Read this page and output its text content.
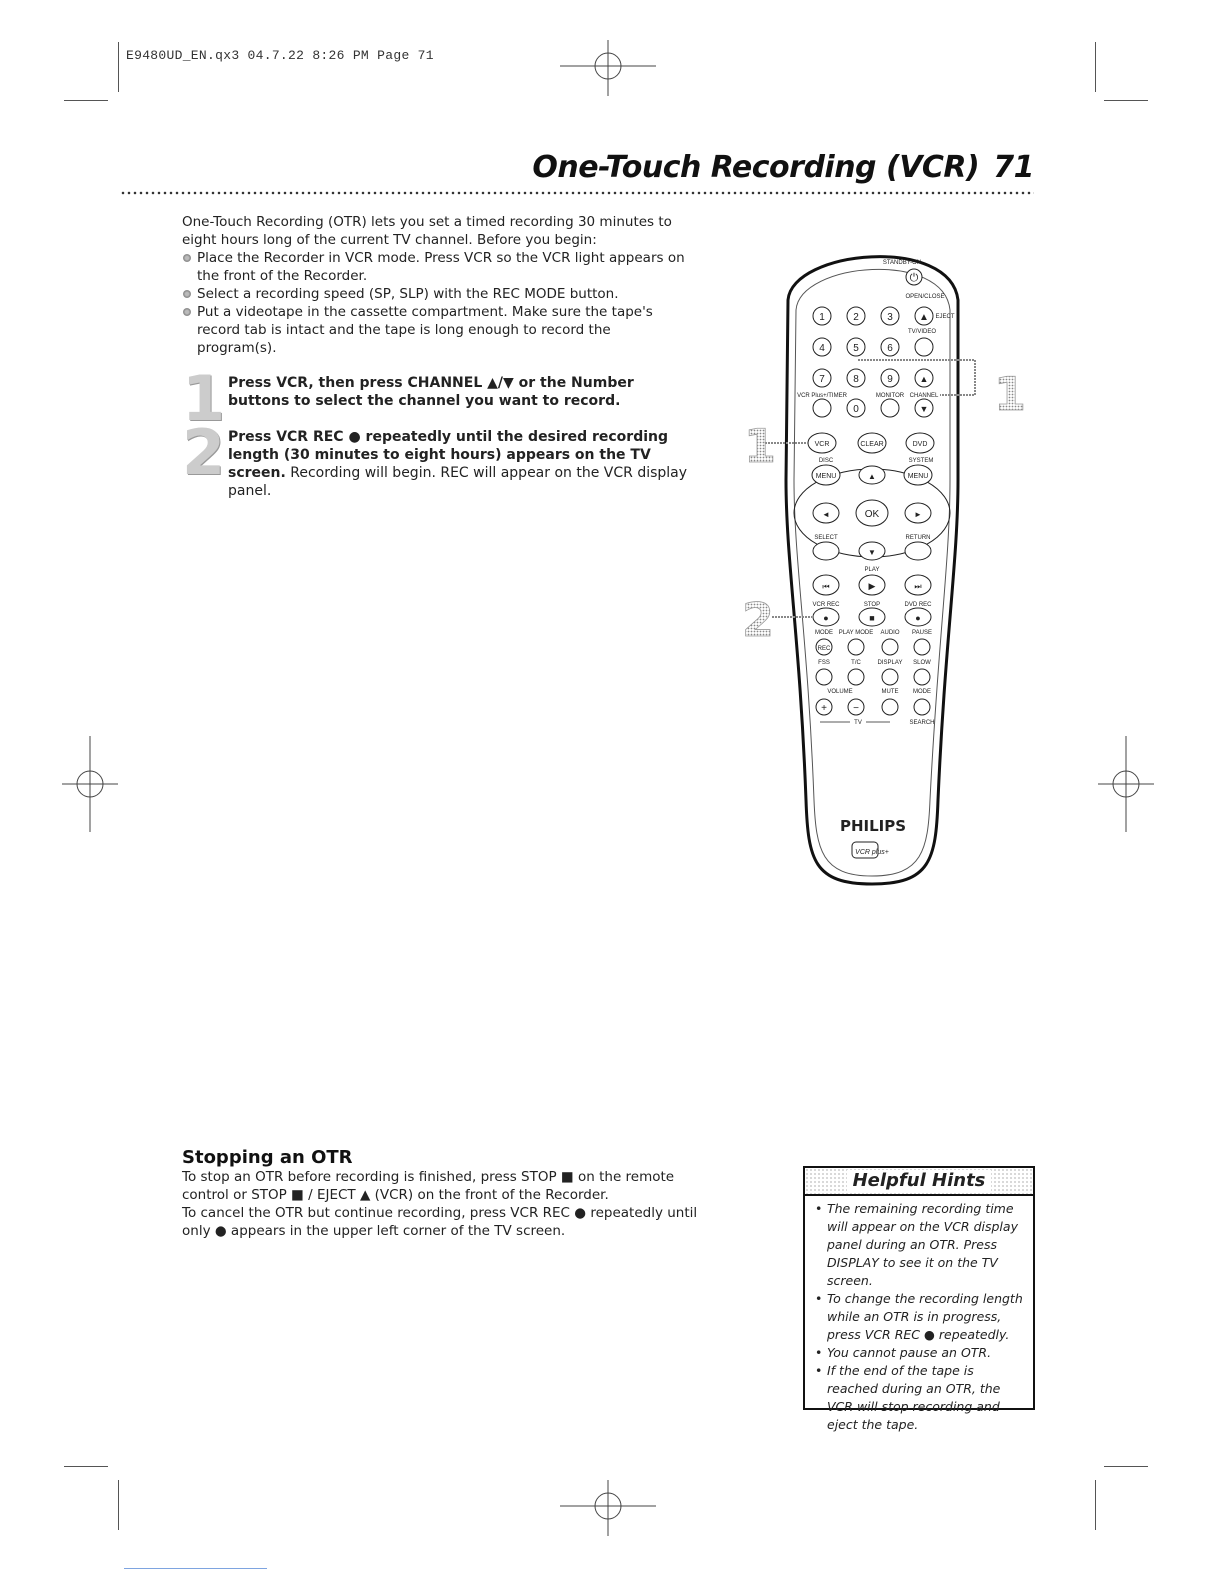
E9480UD_EN.qx3 04.7.22 8:26 PM Page 71
One-Touch Recording (VCR) 71
One-Touch Recording (OTR) lets you set a timed recording 30 minutes to eight hours long of the current TV channel. Before you begin:
Place the Recorder in VCR mode. Press VCR so the VCR light appears on the front of the Recorder.
Select a recording speed (SP, SLP) with the REC MODE button.
Put a videotape in the cassette compartment. Make sure the tape's record tab is intact and the tape is long enough to record the program(s).
1 Press VCR, then press CHANNEL ▲/▼ or the Number buttons to select the channel you want to record.
2 Press VCR REC ● repeatedly until the desired recording length (30 minutes to eight hours) appears on the TV screen. Recording will begin. REC will appear on the VCR display panel.
STANDBY-ON
⏻
OPEN/CLOSE
1	2	3	▲ EJECT
TV/VIDEO
4	5	6
7	8	9	▲
VCR Plus+/TIMER	MONITOR CHANNEL
0	▼
VCR	CLEAR	DVD
DISC	SYSTEM
MENU	MENU
▲
◄	►
OK
SELECT	RETURN
▼
PLAY
⏮	▶	⏭
VCR REC	STOP	DVD REC
●	■	●
MODE PLAY MODE AUDIO PAUSE
REC
FSS	T/C	DISPLAY SLOW
VOLUME	MUTE MODE
+	−
TV	SEARCH
PHILIPS
VCR plus+
1
1
2
Stopping an OTR
To stop an OTR before recording is finished, press STOP ■ on the remote control or STOP ■ / EJECT ▲ (VCR) on the front of the Recorder.
To cancel the OTR but continue recording, press VCR REC ● repeatedly until only ● appears in the upper left corner of the TV screen.
Helpful Hints
• The remaining recording time will appear on the VCR display panel during an OTR. Press DISPLAY to see it on the TV screen.
• To change the recording length while an OTR is in progress, press VCR REC ● repeatedly.
• You cannot pause an OTR.
• If the end of the tape is reached during an OTR, the VCR will stop recording and eject the tape.
